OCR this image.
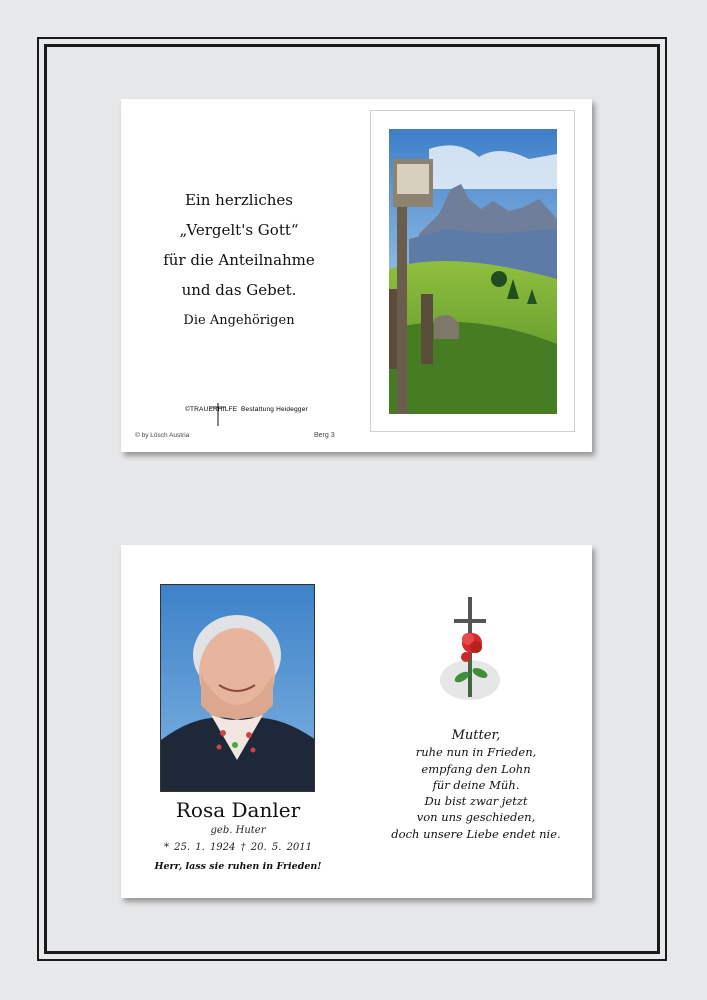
Ein herzliches
„Vergelt's Gott“
für die Anteilnahme
und das Gebet.
Die Angehörigen
©TRAUERHILFE Bestattung Heidegger
© by Lösch Austria	Berg 3
Rosa Danler
geb. Huter
* 25. 1. 1924 † 20. 5. 2011
Herr, lass sie ruhen in Frieden!
Mutter,
ruhe nun in Frieden,
empfang den Lohn
für deine Müh.
Du bist zwar jetzt
von uns geschieden,
doch unsere Liebe endet nie.
